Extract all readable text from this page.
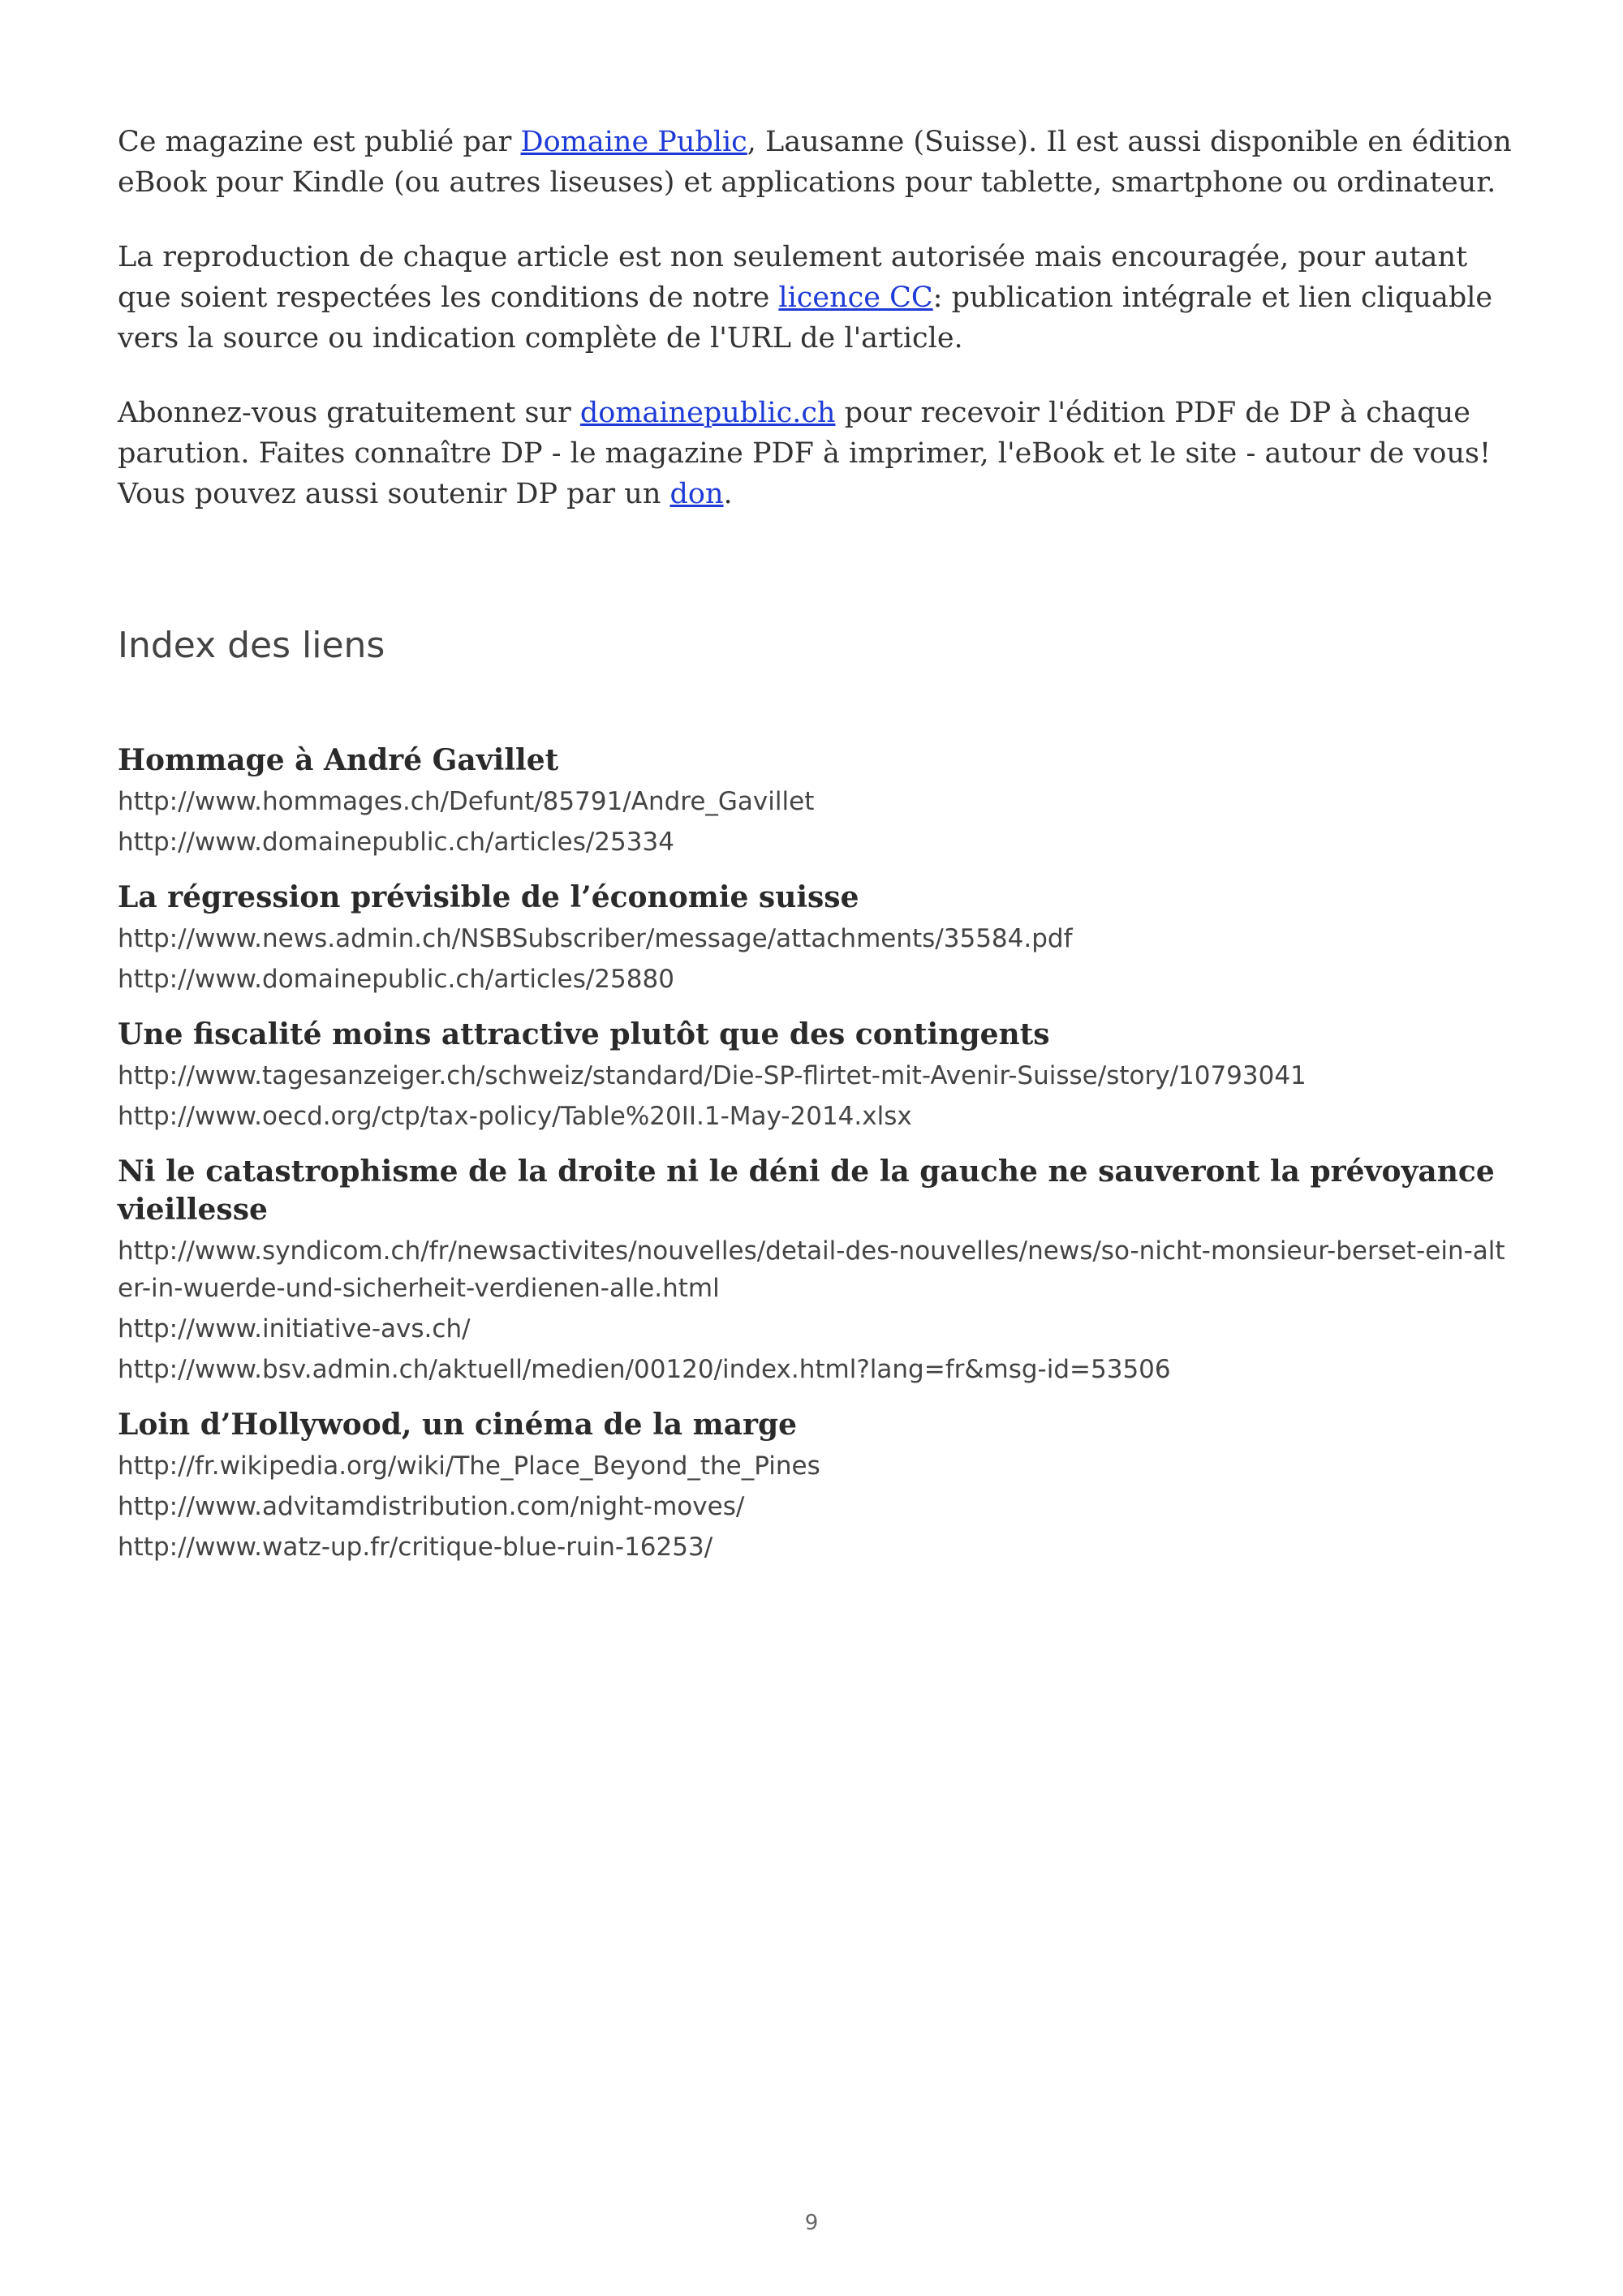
Ce magazine est publié par Domaine Public, Lausanne (Suisse). Il est aussi disponible en édition eBook pour Kindle (ou autres liseuses) et applications pour tablette, smartphone ou ordinateur.

La reproduction de chaque article est non seulement autorisée mais encouragée, pour autant que soient respectées les conditions de notre licence CC: publication intégrale et lien cliquable vers la source ou indication complète de l'URL de l'article.

Abonnez-vous gratuitement sur domainepublic.ch pour recevoir l'édition PDF de DP à chaque parution. Faites connaître DP - le magazine PDF à imprimer, l'eBook et le site - autour de vous! Vous pouvez aussi soutenir DP par un don.

Index des liens
Hommage à André Gavillet
http://www.hommages.ch/Defunt/85791/Andre_Gavillet
http://www.domainepublic.ch/articles/25334
La régression prévisible de l’économie suisse
http://www.news.admin.ch/NSBSubscriber/message/attachments/35584.pdf
http://www.domainepublic.ch/articles/25880
Une fiscalité moins attractive plutôt que des contingents
http://www.tagesanzeiger.ch/schweiz/standard/Die-SP-flirtet-mit-Avenir-Suisse/story/10793041
http://www.oecd.org/ctp/tax-policy/Table%20II.1-May-2014.xlsx
Ni le catastrophisme de la droite ni le déni de la gauche ne sauveront la prévoyance vieillesse
http://www.syndicom.ch/fr/newsactivites/nouvelles/detail-des-nouvelles/news/so-nicht-monsieur-berset-ein-alter-in-wuerde-und-sicherheit-verdienen-alle.html
http://www.initiative-avs.ch/
http://www.bsv.admin.ch/aktuell/medien/00120/index.html?lang=fr&msg-id=53506
Loin d’Hollywood, un cinéma de la marge
http://fr.wikipedia.org/wiki/The_Place_Beyond_the_Pines
http://www.advitamdistribution.com/night-moves/
http://www.watz-up.fr/critique-blue-ruin-16253/
9
